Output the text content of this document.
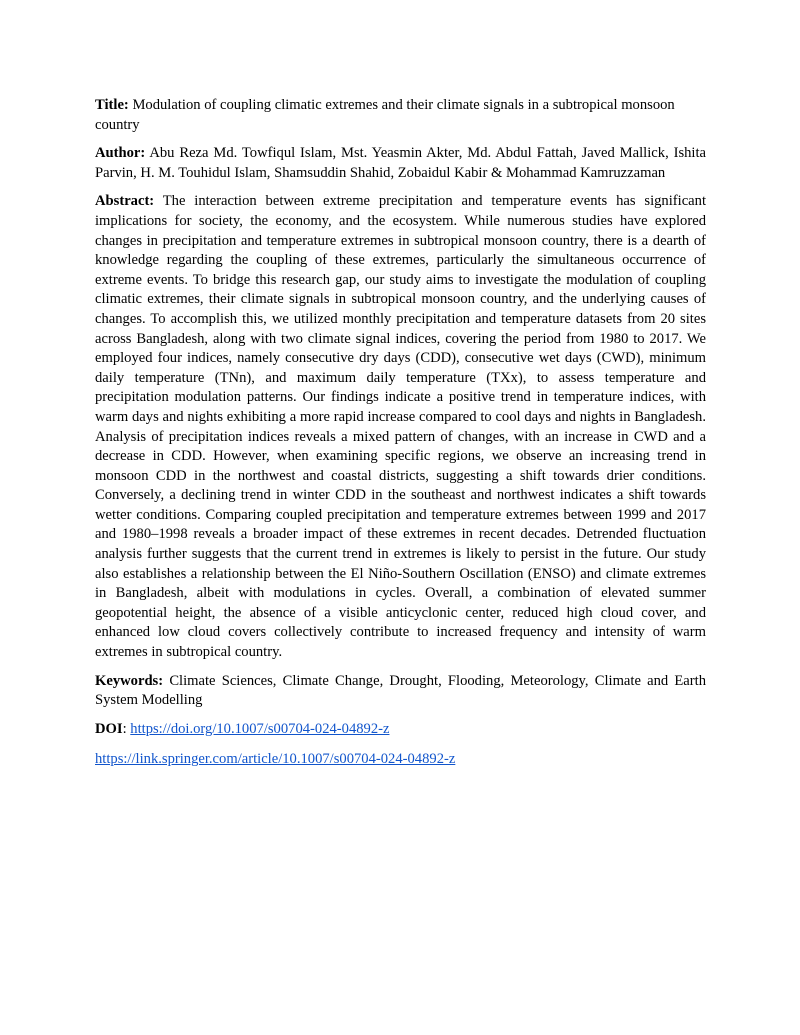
Title: Modulation of coupling climatic extremes and their climate signals in a subtropical monsoon country

Author: Abu Reza Md. Towfiqul Islam, Mst. Yeasmin Akter, Md. Abdul Fattah, Javed Mallick, Ishita Parvin, H. M. Touhidul Islam, Shamsuddin Shahid, Zobaidul Kabir & Mohammad Kamruzzaman

Abstract: The interaction between extreme precipitation and temperature events has significant implications for society, the economy, and the ecosystem. While numerous studies have explored changes in precipitation and temperature extremes in subtropical monsoon country, there is a dearth of knowledge regarding the coupling of these extremes, particularly the simultaneous occurrence of extreme events. To bridge this research gap, our study aims to investigate the modulation of coupling climatic extremes, their climate signals in subtropical monsoon country, and the underlying causes of changes. To accomplish this, we utilized monthly precipitation and temperature datasets from 20 sites across Bangladesh, along with two climate signal indices, covering the period from 1980 to 2017. We employed four indices, namely consecutive dry days (CDD), consecutive wet days (CWD), minimum daily temperature (TNn), and maximum daily temperature (TXx), to assess temperature and precipitation modulation patterns. Our findings indicate a positive trend in temperature indices, with warm days and nights exhibiting a more rapid increase compared to cool days and nights in Bangladesh. Analysis of precipitation indices reveals a mixed pattern of changes, with an increase in CWD and a decrease in CDD. However, when examining specific regions, we observe an increasing trend in monsoon CDD in the northwest and coastal districts, suggesting a shift towards drier conditions. Conversely, a declining trend in winter CDD in the southeast and northwest indicates a shift towards wetter conditions. Comparing coupled precipitation and temperature extremes between 1999 and 2017 and 1980–1998 reveals a broader impact of these extremes in recent decades. Detrended fluctuation analysis further suggests that the current trend in extremes is likely to persist in the future. Our study also establishes a relationship between the El Niño-Southern Oscillation (ENSO) and climate extremes in Bangladesh, albeit with modulations in cycles. Overall, a combination of elevated summer geopotential height, the absence of a visible anticyclonic center, reduced high cloud cover, and enhanced low cloud covers collectively contribute to increased frequency and intensity of warm extremes in subtropical country.

Keywords: Climate Sciences, Climate Change, Drought, Flooding, Meteorology, Climate and Earth System Modelling

DOI: https://doi.org/10.1007/s00704-024-04892-z

https://link.springer.com/article/10.1007/s00704-024-04892-z
